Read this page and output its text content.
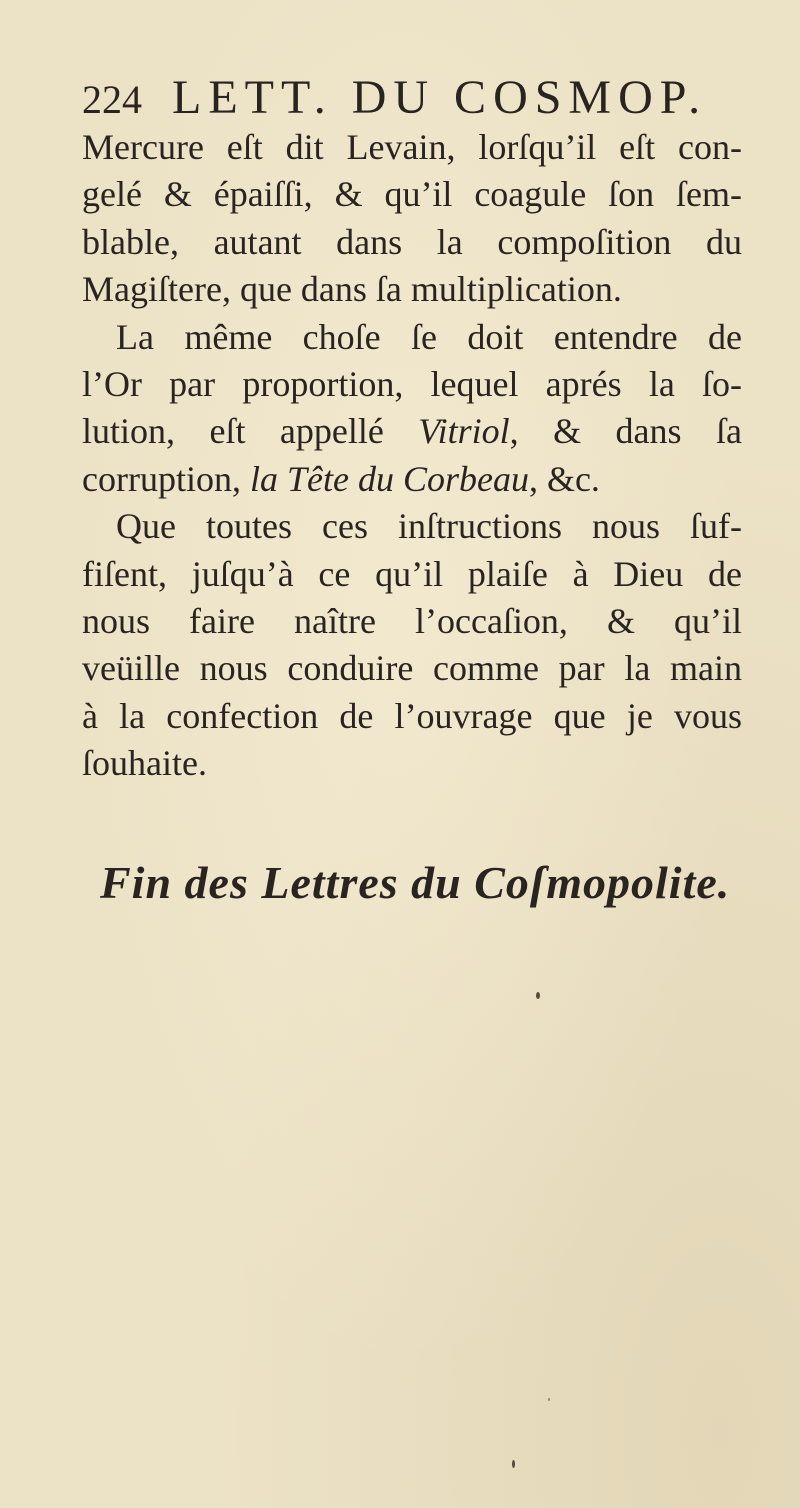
224 LETT. DU COSMOP.
Mercure eſt dit Levain, lorſqu’il eſt con-
gelé & épaiſſi, & qu’il coagule ſon ſem-
blable, autant dans la compoſition du
Magiſtere, que dans ſa multiplication.
La même choſe ſe doit entendre de
l’Or par proportion, lequel aprés la ſo-
lution, eſt appellé Vitriol, & dans ſa
corruption, la Tête du Corbeau, &c.
Que toutes ces inſtructions nous ſuf-
fiſent, juſqu’à ce qu’il plaiſe à Dieu de
nous faire naître l’occaſion, & qu’il
veüille nous conduire comme par la main
à la confection de l’ouvrage que je vous
ſouhaite.
Fin des Lettres du Coſmopolite.
